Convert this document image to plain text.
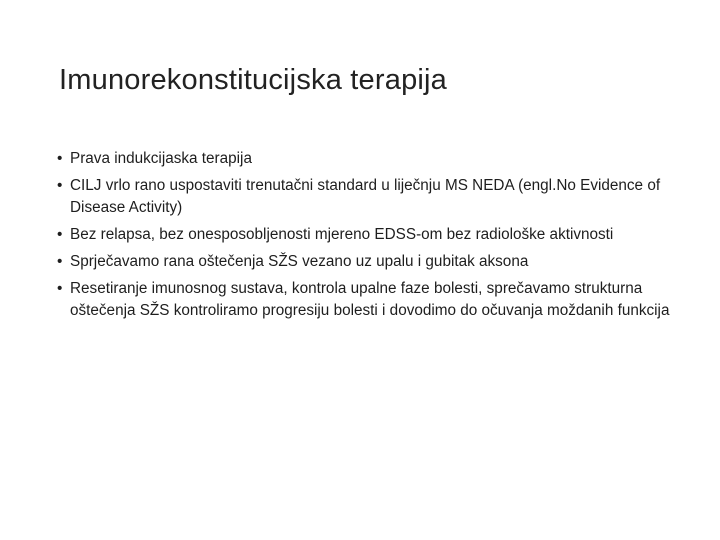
Imunorekonstitucijska terapija
• Prava indukcijaska terapija
• CILJ vrlo rano uspostaviti trenutačni standard u liječnju MS NEDA (engl.No Evidence of Disease Activity)
• Bez relapsa, bez onesposobljenosti mjereno EDSS-om bez radiološke aktivnosti
• Sprječavamo rana oštečenja SŽS vezano uz upalu i gubitak aksona
• Resetiranje imunosnog sustava, kontrola upalne faze bolesti, sprečavamo strukturna oštečenja SŽS kontroliramo progresiju bolesti i dovodimo do očuvanja moždanih funkcija
